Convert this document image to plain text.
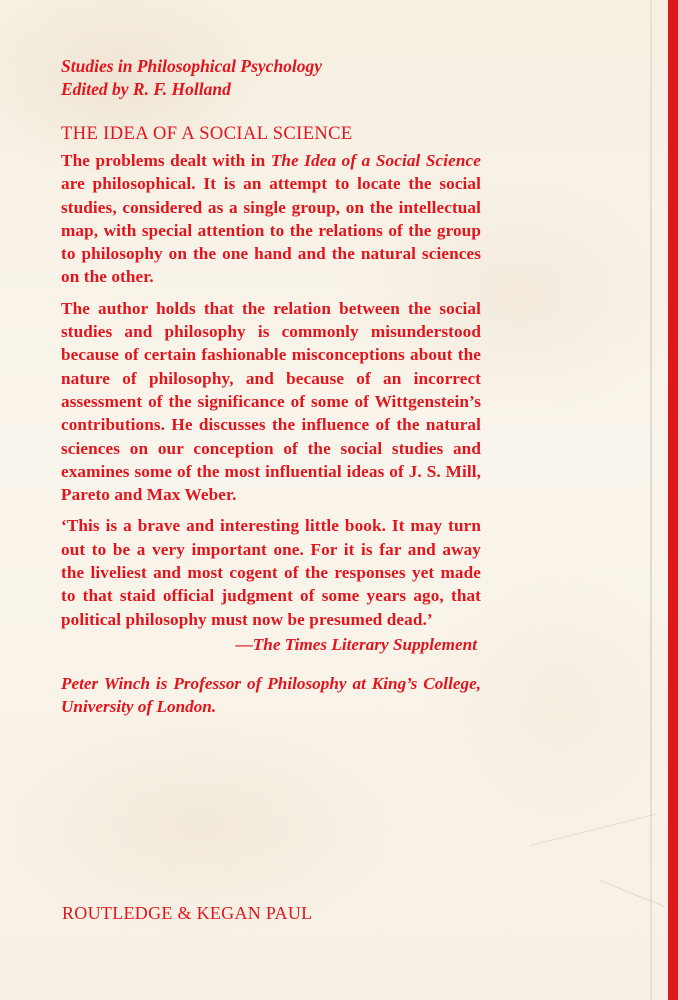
Studies in Philosophical Psychology

Edited by R. F. Holland

THE IDEA OF A SOCIAL SCIENCE

The problems dealt with in The Idea of a Social Science are philosophical. It is an attempt to locate the social studies, considered as a single group, on the intellectual map, with special attention to the relations of the group to philosophy on the one hand and the natural sciences on the other.

The author holds that the relation between the social studies and philosophy is commonly misunderstood because of certain fashionable misconceptions about the nature of philosophy, and because of an incorrect assessment of the significance of some of Wittgenstein’s contributions. He discusses the influence of the natural sciences on our conception of the social studies and examines some of the most influential ideas of J. S. Mill, Pareto and Max Weber.

‘This is a brave and interesting little book. It may turn out to be a very important one. For it is far and away the liveliest and most cogent of the responses yet made to that staid official judgment of some years ago, that political philosophy must now be presumed dead.’

—The Times Literary Supplement

Peter Winch is Professor of Philosophy at King’s College, University of London.

ROUTLEDGE & KEGAN PAUL
